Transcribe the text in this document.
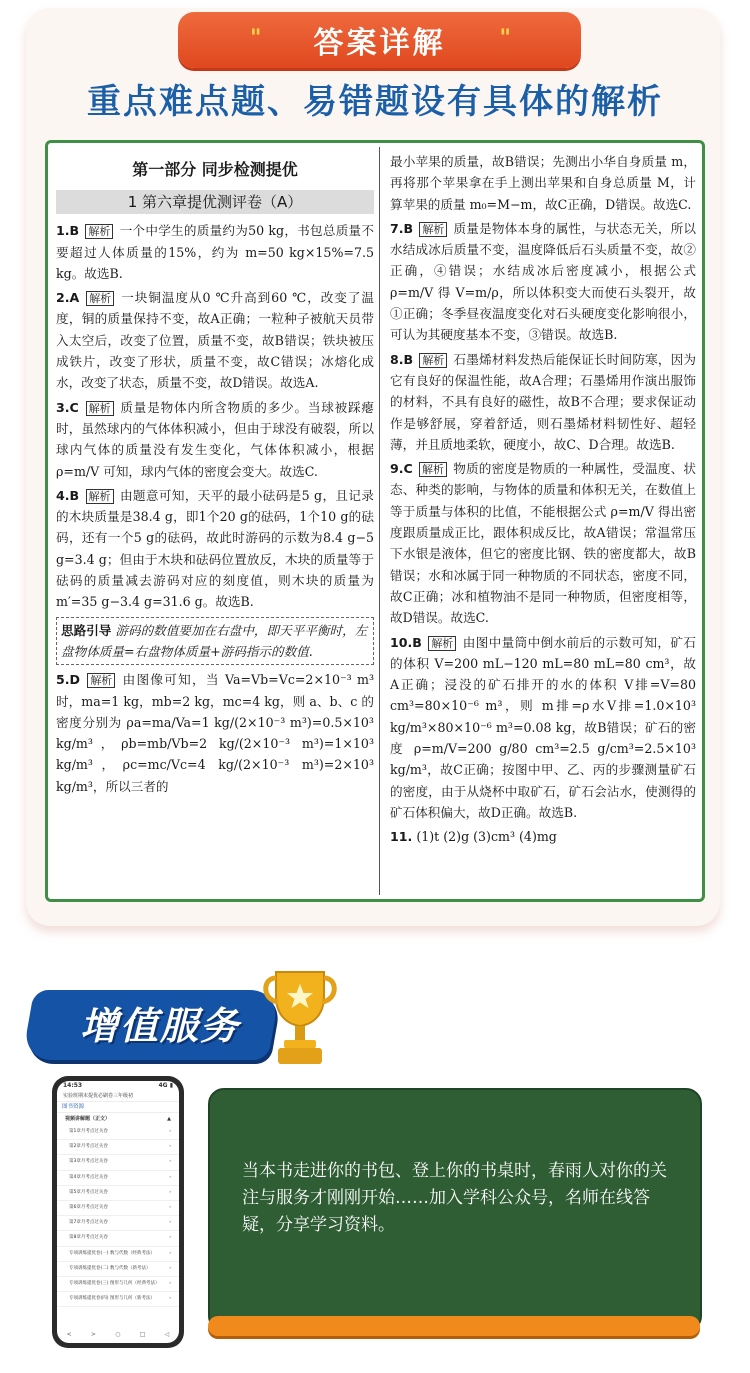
" 答案详解 "
重点难点题、易错题设有具体的解析
第一部分 同步检测提优
1 第六章提优测评卷（A）
1.B 解析 一个中学生的质量约为50 kg，书包总质量不要超过人体质量的15%，约为 m=50 kg×15%=7.5 kg。故选B.
2.A 解析 一块铜温度从0 ℃升高到60 ℃，改变了温度，铜的质量保持不变，故A正确；一粒种子被航天员带入太空后，改变了位置，质量不变，故B错误；铁块被压成铁片，改变了形状，质量不变，故C错误；冰熔化成水，改变了状态，质量不变，故D错误。故选A.
3.C 解析 质量是物体内所含物质的多少。当球被踩瘪时，虽然球内的气体体积减小，但由于球没有破裂，所以球内气体的质量没有发生变化，气体体积减小，根据 ρ=m/V 可知，球内气体的密度会变大。故选C.
4.B 解析 由题意可知，天平的最小砝码是5 g，且记录的木块质量是38.4 g，即1个20 g的砝码，1个10 g的砝码，还有一个5 g的砝码，故此时游码的示数为8.4 g−5 g=3.4 g；但由于木块和砝码位置放反，木块的质量等于砝码的质量减去游码对应的刻度值，则木块的质量为 m′=35 g−3.4 g=31.6 g。故选B.
思路引导 游码的数值要加在右盘中，即天平平衡时，左盘物体质量=右盘物体质量+游码指示的数值.
5.D 解析 由图像可知，当 Va=Vb=Vc=2×10⁻³ m³ 时，ma=1 kg，mb=2 kg，mc=4 kg，则 a、b、c 的密度分别为 ρa=ma/Va=1 kg/(2×10⁻³ m³)=0.5×10³ kg/m³，ρb=mb/Vb=2 kg/(2×10⁻³ m³)=1×10³ kg/m³，ρc=mc/Vc=4 kg/(2×10⁻³ m³)=2×10³ kg/m³，所以三者的
最小苹果的质量，故B错误；先测出小华自身质量 m，再将那个苹果拿在手上测出苹果和自身总质量 M，计算苹果的质量 m₀=M−m，故C正确，D错误。故选C.
7.B 解析 质量是物体本身的属性，与状态无关，所以水结成冰后质量不变，温度降低后石头质量不变，故②正确，④错误；水结成冰后密度减小，根据公式 ρ=m/V 得 V=m/ρ，所以体积变大而使石头裂开，故①正确；冬季昼夜温度变化对石头硬度变化影响很小，可认为其硬度基本不变，③错误。故选B.
8.B 解析 石墨烯材料发热后能保证长时间防寒，因为它有良好的保温性能，故A合理；石墨烯用作演出服饰的材料，不具有良好的磁性，故B不合理；要求保证动作是够舒展，穿着舒适，则石墨烯材料韧性好、超轻薄，并且质地柔软，硬度小，故C、D合理。故选B.
9.C 解析 物质的密度是物质的一种属性，受温度、状态、种类的影响，与物体的质量和体积无关，在数值上等于质量与体积的比值，不能根据公式 ρ=m/V 得出密度跟质量成正比，跟体积成反比，故A错误；常温常压下水银是液体，但它的密度比钢、铁的密度都大，故B错误；水和冰属于同一种物质的不同状态，密度不同，故C正确；冰和植物油不是同一种物质，但密度相等，故D错误。故选C.
10.B 解析 由图中量筒中倒水前后的示数可知，矿石的体积 V=200 mL−120 mL=80 mL=80 cm³，故A正确；浸没的矿石排开的水的体积 V排=V=80 cm³=80×10⁻⁶ m³，则 m排=ρ水V排=1.0×10³ kg/m³×80×10⁻⁶ m³=0.08 kg，故B错误；矿石的密度 ρ=m/V=200 g/80 cm³=2.5 g/cm³=2.5×10³ kg/m³，故C正确；按图中甲、乙、丙的步骤测量矿石的密度，由于从烧杯中取矿石，矿石会沾水，使测得的矿石体积偏大，故D正确。故选B.
11. (1)t (2)g (3)cm³ (4)mg
增值服务
14:53	4G ▮
实验班期末提优必刷卷三年级初
图书资源
视频讲解题（正文）	▲
第1章月考点过关卷	›
第2章月考点过关卷	›
第3章月考点过关卷	›
第4章月考点过关卷	›
第5章月考点过关卷	›
第6章月考点过关卷	›
第7章月考点过关卷	›
第8章月考点过关卷	›
专项训练提优卷(一) 数与代数（经典考法）	›
专项训练提优卷(二) 数与代数（新考法）	›
专项训练提优卷(三) 图形与几何（经典考法） ›
专项训练提优卷(四) 图形与几何（新考法）	›
<	>	○	□	◁
当本书走进你的书包、登上你的书桌时，春雨人对你的关注与服务才刚刚开始……加入学科公众号，名师在线答疑，分享学习资料。
